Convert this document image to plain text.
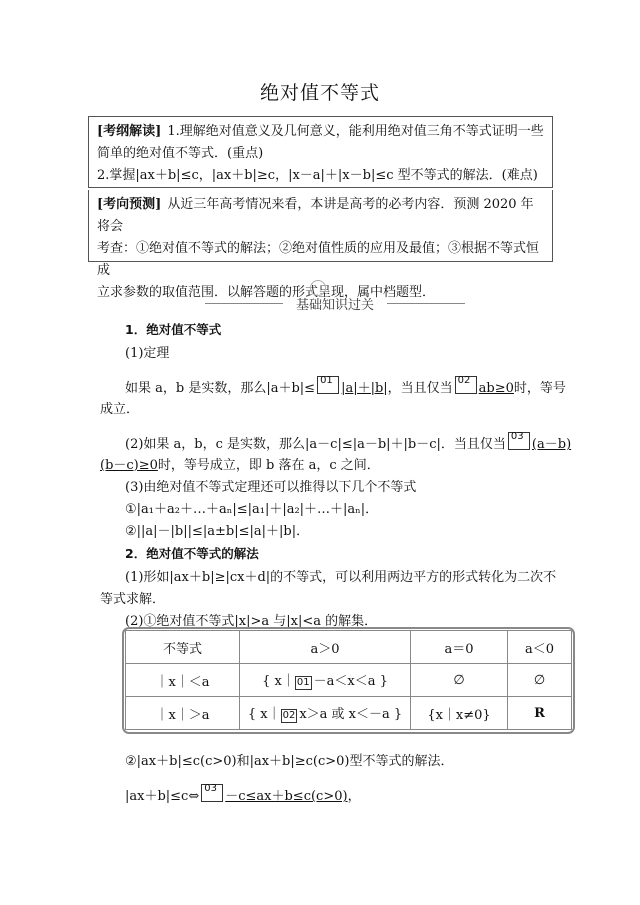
绝对值不等式
[考纲解读] 1.理解绝对值意义及几何意义，能利用绝对值三角不等式证明一些
简单的绝对值不等式．(重点)
2.掌握|ax＋b|≤c，|ax＋b|≥c，|x－a|＋|x－b|≤c 型不等式的解法．(难点)
[考向预测] 从近三年高考情况来看，本讲是高考的必考内容．预测 2020 年将会
考查：①绝对值不等式的解法；②绝对值性质的应用及最值；③根据不等式恒成
立求参数的取值范围．以解答题的形式呈现，属中档题型．
基础知识过关
1．绝对值不等式
(1)定理
如果 a，b 是实数，那么|a＋b|≤
01
|a|＋|b|，当且仅当
02
ab≥0时，等号
成立．
(2)如果 a，b，c 是实数，那么|a－c|≤|a－b|＋|b－c|．当且仅当
03
(a－b)
(b－c)≥0时，等号成立，即 b 落在 a，c 之间．
(3)由绝对值不等式定理还可以推得以下几个不等式
①|a₁＋a₂＋…＋aₙ|≤|a₁|＋|a₂|＋…＋|aₙ|．
②||a|－|b||≤|a±b|≤|a|＋|b|．
2．绝对值不等式的解法
(1)形如|ax＋b|≥|cx＋d|的不等式，可以利用两边平方的形式转化为二次不
等式求解．
(2)①绝对值不等式|x|>a 与|x|<a 的解集．
不等式	a＞0	a＝0	a＜0
｜x｜＜a	{ x｜ 01 －a＜x＜a }	∅	∅
｜x｜＞a	{ x｜ 02 x＞a 或 x＜－a }	{x｜x≠0}	R
②|ax＋b|≤c(c>0)和|ax＋b|≥c(c>0)型不等式的解法．
|ax＋b|≤c⇔
03
－c≤ax＋b≤c(c>0)，
